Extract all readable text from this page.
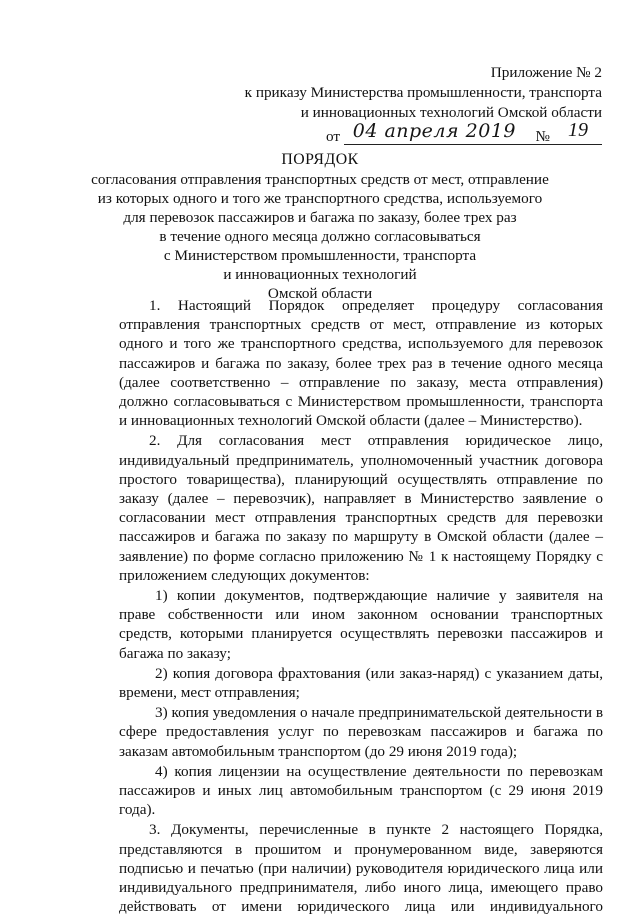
Приложение № 2
к приказу Министерства промышленности, транспорта
и инновационных технологий Омской области
от 04 апреля 2019 № 19
ПОРЯДОК
согласования отправления транспортных средств от мест, отправление
из которых одного и того же транспортного средства, используемого
для перевозок пассажиров и багажа по заказу, более трех раз
в течение одного месяца должно согласовываться
с Министерством промышленности, транспорта
и инновационных технологий
Омской области

1. Настоящий Порядок определяет процедуру согласования отправления транспортных средств от мест, отправление из которых одного и того же транспортного средства, используемого для перевозок пассажиров и багажа по заказу, более трех раз в течение одного месяца (далее соответственно – отправление по заказу, места отправления) должно согласовываться с Министерством промышленности, транспорта и инновационных технологий Омской области (далее – Министерство).

2. Для согласования мест отправления юридическое лицо, индивидуальный предприниматель, уполномоченный участник договора простого товарищества), планирующий осуществлять отправление по заказу (далее – перевозчик), направляет в Министерство заявление о согласовании мест отправления транспортных средств для перевозки пассажиров и багажа по заказу по маршруту в Омской области (далее – заявление) по форме согласно приложению № 1 к настоящему Порядку с приложением следующих документов:

1) копии документов, подтверждающие наличие у заявителя на праве собственности или ином законном основании транспортных средств, которыми планируется осуществлять перевозки пассажиров и багажа по заказу;

2) копия договора фрахтования (или заказ-наряд) с указанием даты, времени, мест отправления;

3) копия уведомления о начале предпринимательской деятельности в сфере предоставления услуг по перевозкам пассажиров и багажа по заказам автомобильным транспортом (до 29 июня 2019 года);

4) копия лицензии на осуществление деятельности по перевозкам пассажиров и иных лиц автомобильным транспортом (с 29 июня 2019 года).

3. Документы, перечисленные в пункте 2 настоящего Порядка, представляются в прошитом и пронумерованном виде, заверяются подписью и печатью (при наличии) руководителя юридического лица или индивидуального предпринимателя, либо иного лица, имеющего право действовать от имени юридического лица или индивидуального
